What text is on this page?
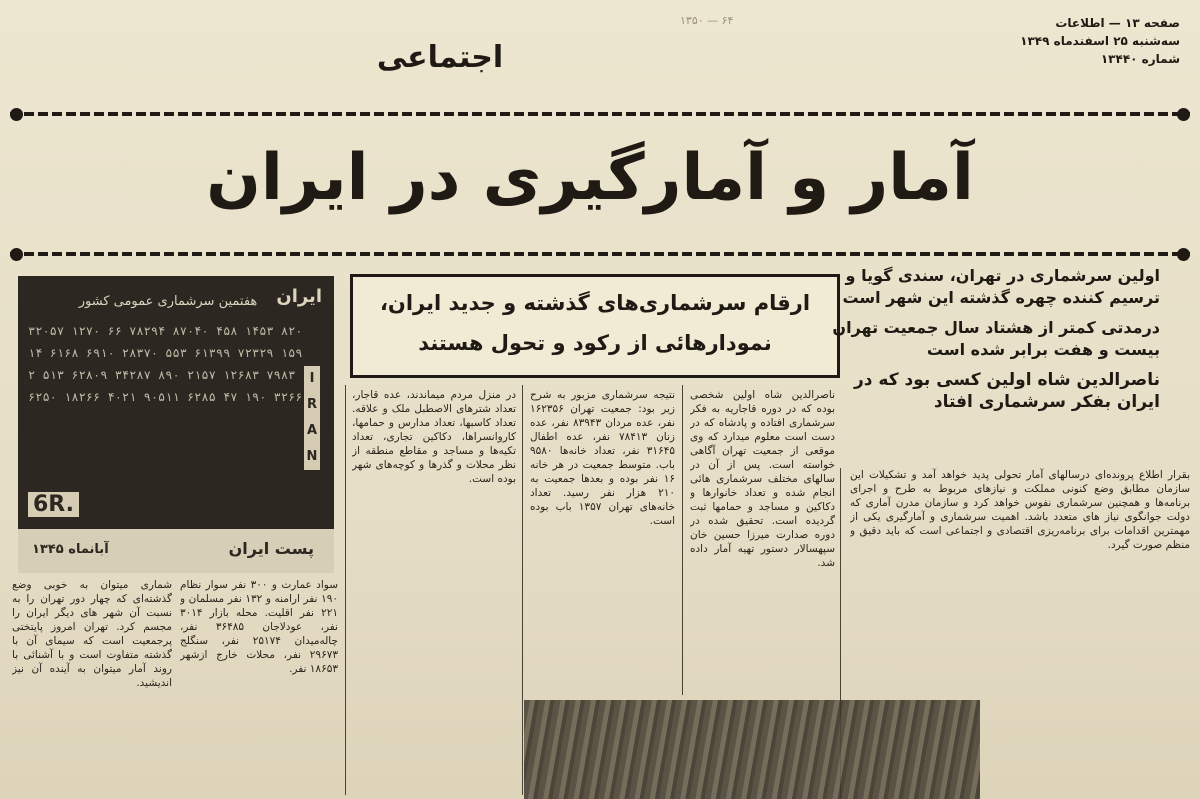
صفحه ۱۳ — اطلاعات
سه‌شنبه ۲۵ اسفندماه ۱۳۴۹
شماره ۱۳۴۴۰
۱۳۵۰ — ۶۴
اجتماعی
آمار و آمارگیری در ایران
ایران
هفتمین سرشماری عمومی کشور
۳۲۰۵۷ ۱۲۷۰ ۶۶ ۷۸۲۹۴ ۸۷۰۴۰ ۴۵۸ ۱۴۵۳ ۸۲۰۱۴ ۶۱۶۸ ۶۹۱۰ ۲۸۳۷۰ ۵۵۳ ۶۱۳۹۹ ۷۲۳۲۹ ۱۵۹۲ ۵۱۳ ۶۲۸۰۹ ۳۴۲۸۷ ۸۹۰ ۲۱۵۷ ۱۲۶۸۳ ۷۹۸۳ ۶۲۵۰ ۱۸۲۶۶ ۴۰۲۱ ۹۰۵۱۱ ۶۲۸۵ ۴۷ ۱۹۰ ۳۲۶۶
I
R
A
N
6R.
پست ایران
آبانماه ۱۳۴۵
ارقام سرشماری‌های گذشته و جدید ایران،
نمودارهائی از رکود و تحول هستند

اولین سرشماری در تهران، سندی گویا و ترسیم کننده چهره گذشته این شهر است

درمدتی کمتر از هشتاد سال جمعیت تهران بیست و هفت برابر شده است

ناصرالدین شاه اولین کسی بود که در ایران بفکر سرشماری افتاد

بقرار اطلاع پرونده‌ای درسالهای آمار تحولی پدید خواهد آمد و تشکیلات این سازمان مطابق وضع کنونی مملکت و نیازهای مربوط به طرح و اجرای برنامه‌ها و همچنین سرشماری نفوس خواهد کرد و سازمان مدرن آماری که دولت جوانگوی نیاز های متعدد باشد. اهمیت سرشماری و آمارگیری یکی از مهمترین اقدامات برای برنامه‌ریزی اقتصادی و اجتماعی است که باید دقیق و منظم صورت گیرد.

ناصرالدین شاه اولین شخصی بوده که در دوره قاجاریه به فکر سرشماری افتاده و پادشاه که در دست است معلوم میدارد که وی موقعی از جمعیت تهران آگاهی خواسته است. پس از آن در سالهای مختلف سرشماری هائی انجام شده و تعداد خانوارها و دکاکین و مساجد و حمامها ثبت گردیده است. تحقیق شده در دوره صدارت میرزا حسین خان سپهسالار دستور تهیه آمار داده شد.

نتیجه سرشماری مزبور به شرح زیر بود: جمعیت تهران ۱۶۲۳۵۶ نفر، عده مردان ۸۳۹۴۳ نفر، عده زنان ۷۸۴۱۳ نفر، عده اطفال ۳۱۶۴۵ نفر، تعداد خانه‌ها ۹۵۸۰ باب. متوسط جمعیت در هر خانه ۱۶ نفر بوده و بعدها جمعیت به ۲۱۰ هزار نفر رسید. تعداد خانه‌های تهران ۱۳۵۷ باب بوده است.

در منزل مردم میماندند، عده قاجار، تعداد شترهای الاصطبل ملک و علاقه. تعداد کاسبها، تعداد مدارس و حمامها، کاروانسراها، دکاکین تجاری، تعداد تکیه‌ها و مساجد و مقاطع منطقه از نظر محلات و گذرها و کوچه‌های شهر بوده است.

سواد عمارت و ۳۰۰ نفر سوار نظام ۱۹۰ نفر ارامنه و ۱۳۲ نفر مسلمان و ۲۲۱ نفر اقلیت. محله بازار ۳۰۱۴ نفر، عودلاجان ۳۶۴۸۵ نفر، چاله‌میدان ۲۵۱۷۴ نفر، سنگلج ۲۹۶۷۳ نفر، محلات خارج ازشهر ۱۸۶۵۳ نفر.

شماری میتوان به خوبی وضع گذشته‌ای که چهار دور تهران را به نسبت آن شهر های دیگر ایران را مجسم کرد. تهران امروز پایتختی پرجمعیت است که سیمای آن با گذشته متفاوت است و با آشنائی با روند آمار میتوان به آینده آن نیز اندیشید.
